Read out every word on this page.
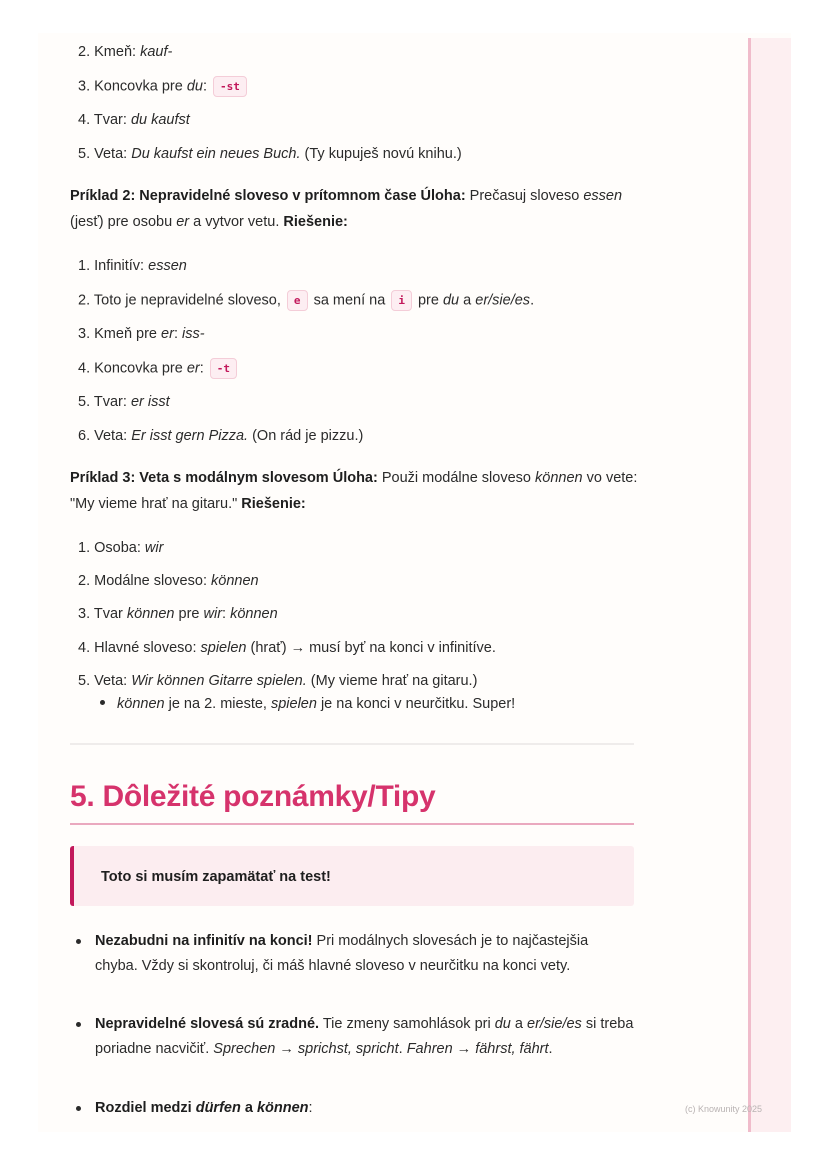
2. Kmeň: kauf-
3. Koncovka pre du: -st
4. Tvar: du kaufst
5. Veta: Du kaufst ein neues Buch. (Ty kupuješ novú knihu.)
Príklad 2: Nepravidelné sloveso v prítomnom čase Úloha: Prečasuj sloveso essen (jesť) pre osobu er a vytvor vetu. Riešenie:
1. Infinitív: essen
2. Toto je nepravidelné sloveso, e sa mení na i pre du a er/sie/es.
3. Kmeň pre er: iss-
4. Koncovka pre er: -t
5. Tvar: er isst
6. Veta: Er isst gern Pizza. (On rád je pizzu.)
Príklad 3: Veta s modálnym slovesom Úloha: Použi modálne sloveso können vo vete: "My vieme hrať na gitaru." Riešenie:
1. Osoba: wir
2. Modálne sloveso: können
3. Tvar können pre wir: können
4. Hlavné sloveso: spielen (hrať) → musí byť na konci v infinitíve.
5. Veta: Wir können Gitarre spielen. (My vieme hrať na gitaru.)
können je na 2. mieste, spielen je na konci v neurčitku. Super!
5. Dôležité poznámky/Tipy
Toto si musím zapamätať na test!
Nezabudni na infinitív na konci! Pri modálnych slovesách je to najčastejšia chyba. Vždy si skontroluj, či máš hlavné sloveso v neurčitku na konci vety.
Nepravidelné slovesá sú zradné. Tie zmeny samohlások pri du a er/sie/es si treba poriadne nacvičiť. Sprechen → sprichst, spricht. Fahren → fährst, fährt.
Rozdiel medzi dürfen a können:	(c) Knowunity 2025
